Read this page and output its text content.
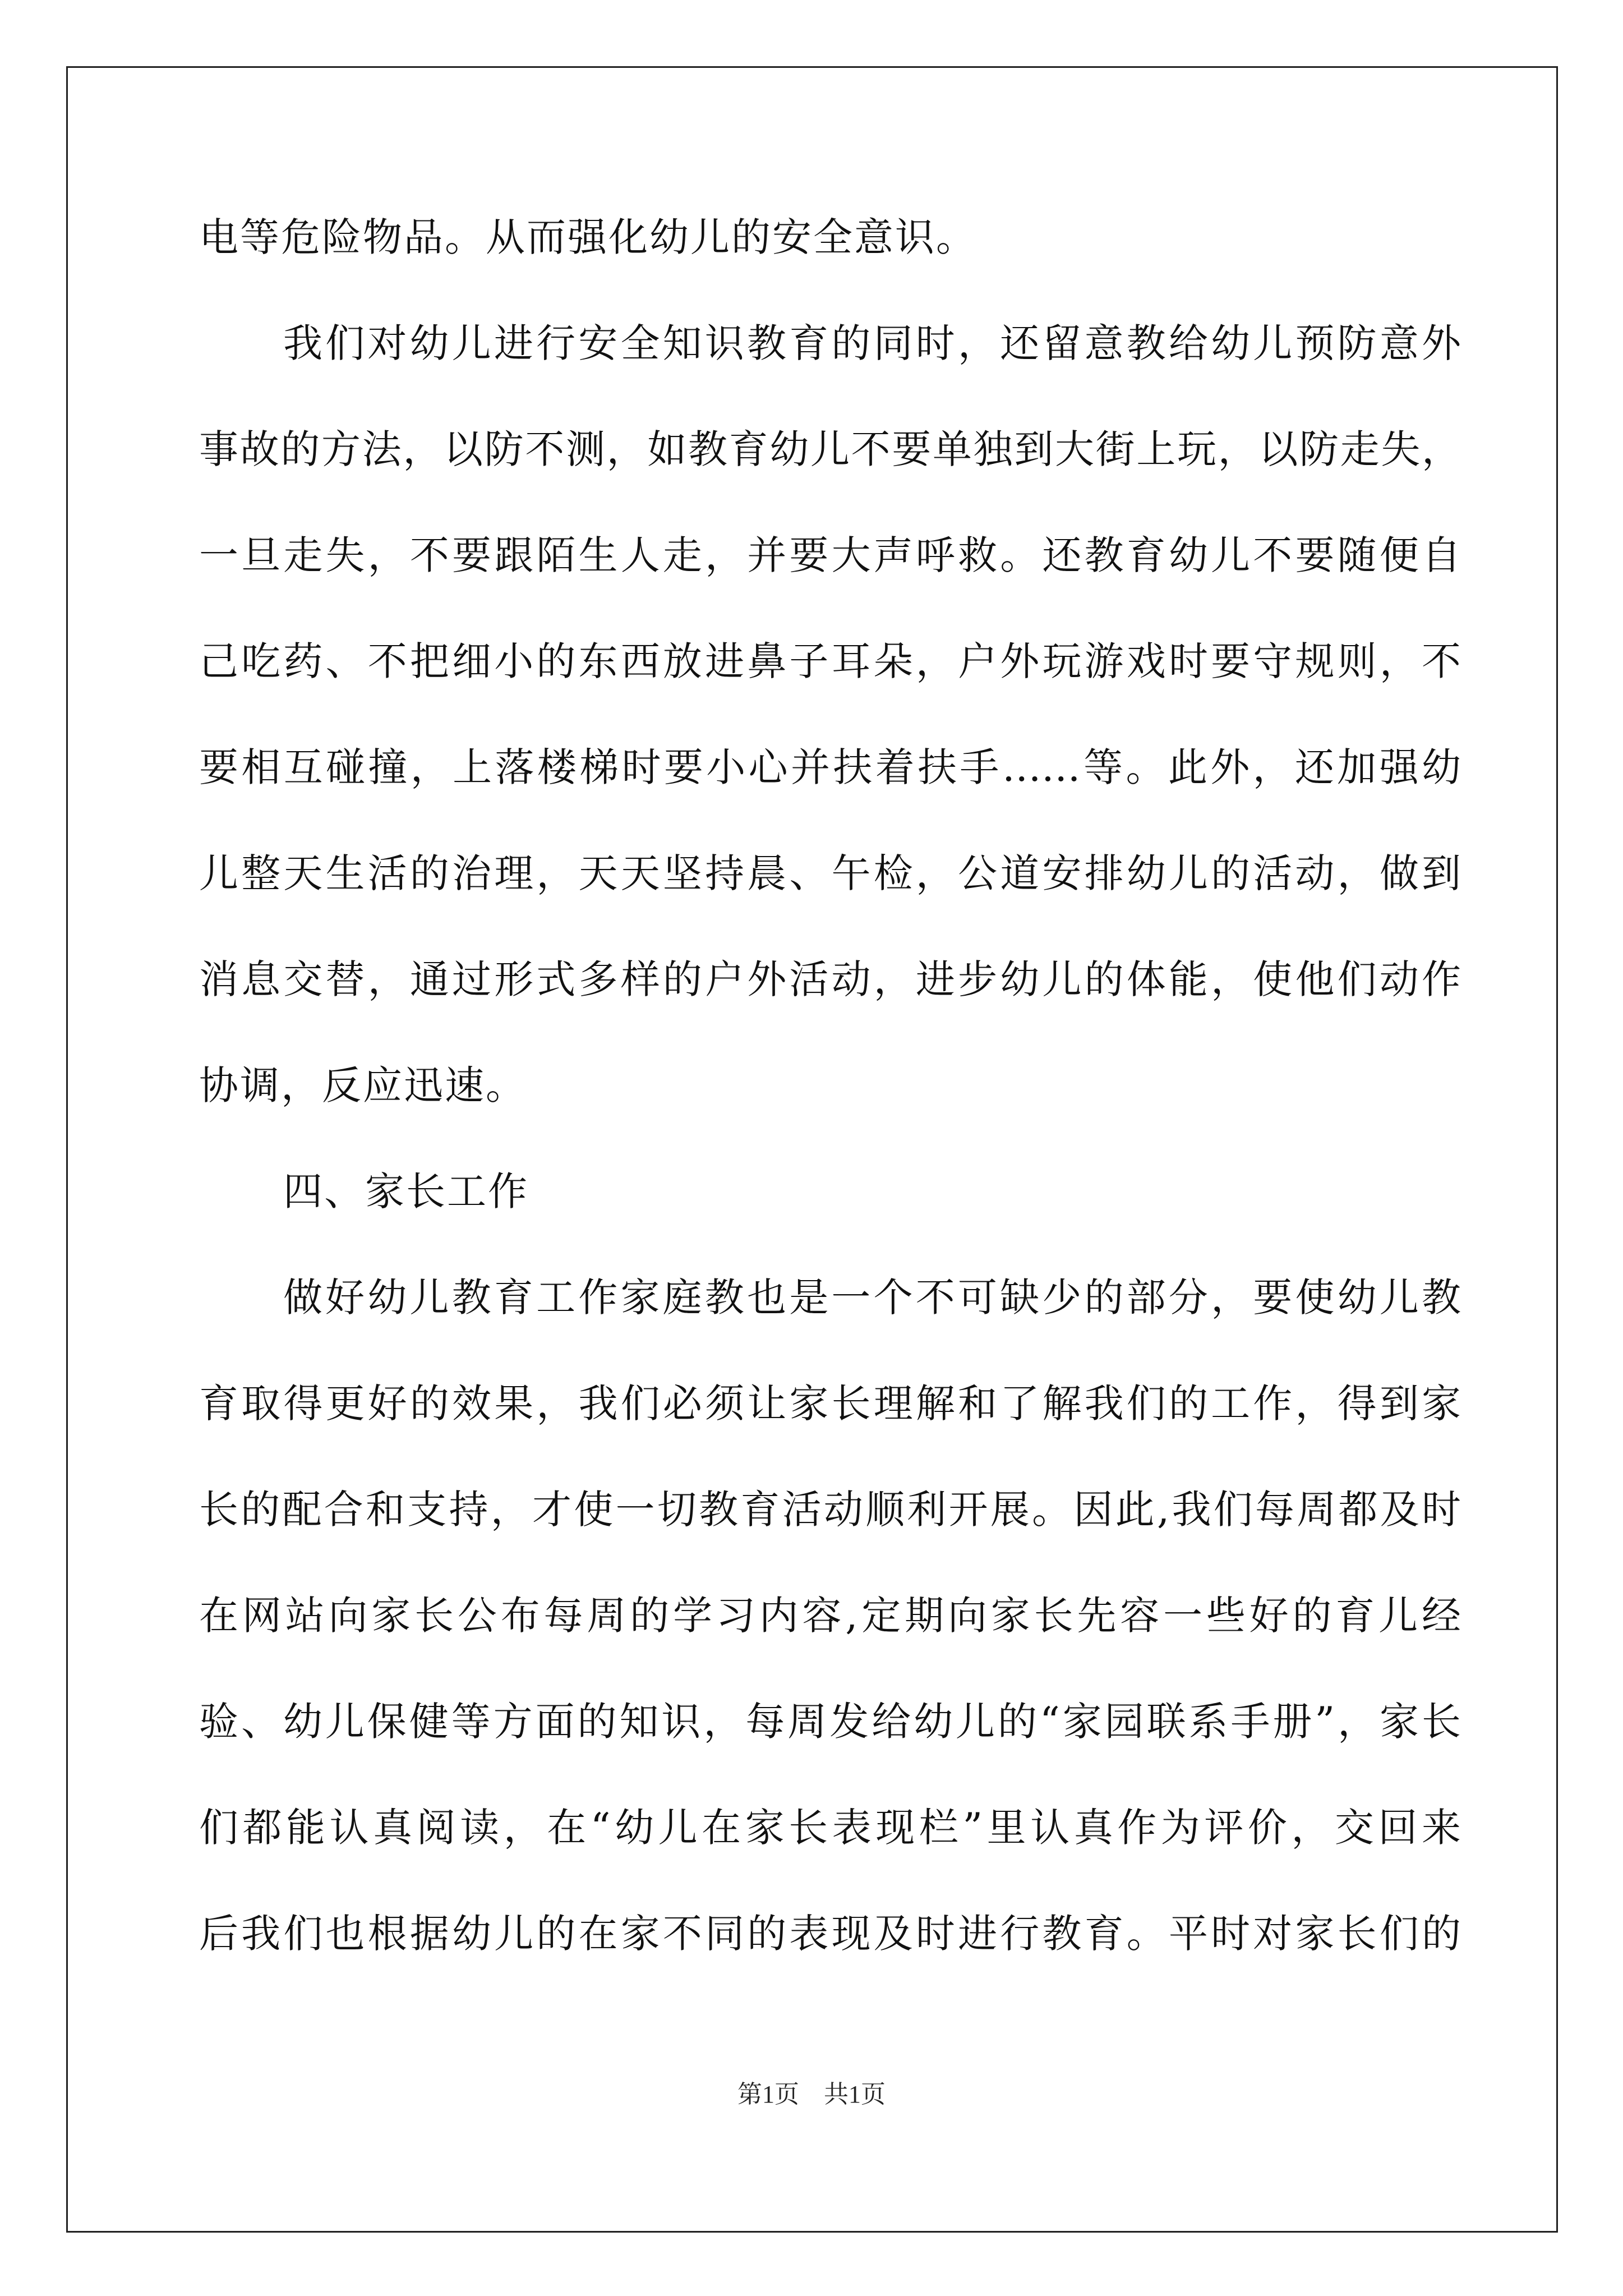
电等危险物品。从而强化幼儿的安全意识。
我们对幼儿进行安全知识教育的同时，还留意教给幼儿预防意外
事故的方法，以防不测，如教育幼儿不要单独到大街上玩，以防走失，
一旦走失，不要跟陌生人走，并要大声呼救。还教育幼儿不要随便自
己吃药、不把细小的东西放进鼻子耳朵，户外玩游戏时要守规则，不
要相互碰撞，上落楼梯时要小心并扶着扶手……等。此外，还加强幼
儿整天生活的治理，天天坚持晨、午检，公道安排幼儿的活动，做到
消息交替，通过形式多样的户外活动，进步幼儿的体能，使他们动作
协调，反应迅速。
四、家长工作
做好幼儿教育工作家庭教也是一个不可缺少的部分，要使幼儿教
育取得更好的效果，我们必须让家长理解和了解我们的工作，得到家
长的配合和支持，才使一切教育活动顺利开展。因此,我们每周都及时
在网站向家长公布每周的学习内容,定期向家长先容一些好的育儿经
验、幼儿保健等方面的知识，每周发给幼儿的“家园联系手册”，家长
们都能认真阅读，在“幼儿在家长表现栏”里认真作为评价，交回来
后我们也根据幼儿的在家不同的表现及时进行教育。平时对家长们的
第1页　共1页
